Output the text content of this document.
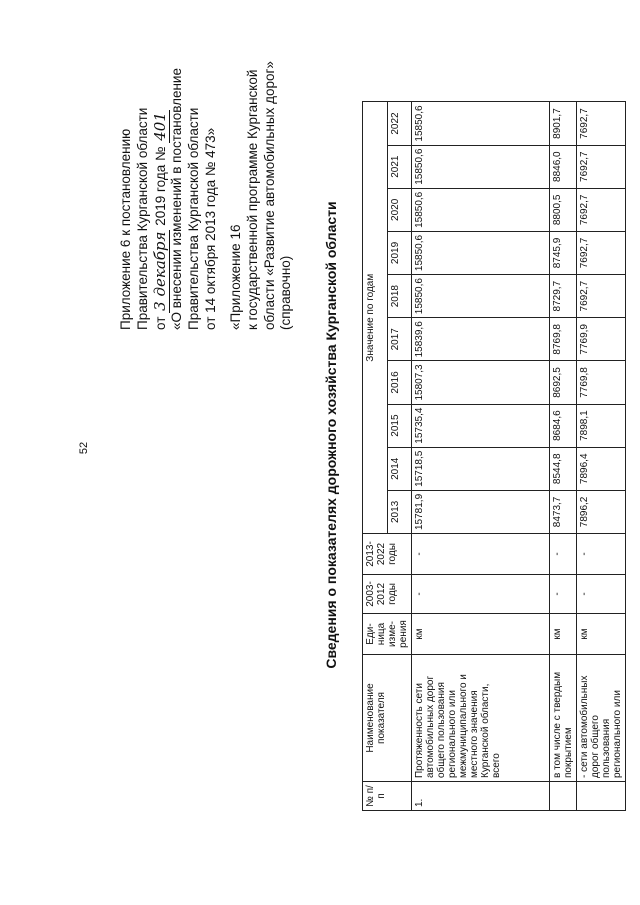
52
Приложение 6 к постановлению Правительства Курганской области от 3 декабря 2019 года № 401 «О внесении изменений в постановление Правительства Курганской области от 14 октября 2013 года № 473» «Приложение 16 к государственной программе Курганской области «Развитие автомобильных дорог» (справочно) Сведения о показателях дорожного хозяйства Курганской области
№ п/п	Наименование показателя	Еди-ница изме-рения	2003-2012 годы	2013-2022 годы	Значение по годам									
					2013	2014	2015	2016	2017	2018	2019	2020	2021	2022
1.	Протяженность сети автомобильных дорог общего пользования регионального или межмуниципального и местного значения Курганской области, всего	км	-	-	15781,9	15718,5	15735,4	15807,3	15839,6	15850,6	15850,6	15850,6	15850,6	15850,6
	в том числе с твердым покрытием	км	-	-	8473,7	8544,8	8684,6	8692,5	8769,8	8729,7	8745,9	8800,5	8846,0	8901,7
	- сети автомобильных дорог общего пользования регионального или	км	-	-	7896,2	7896,4	7898,1	7769,8	7769,9	7692,7	7692,7	7692,7	7692,7	7692,7
